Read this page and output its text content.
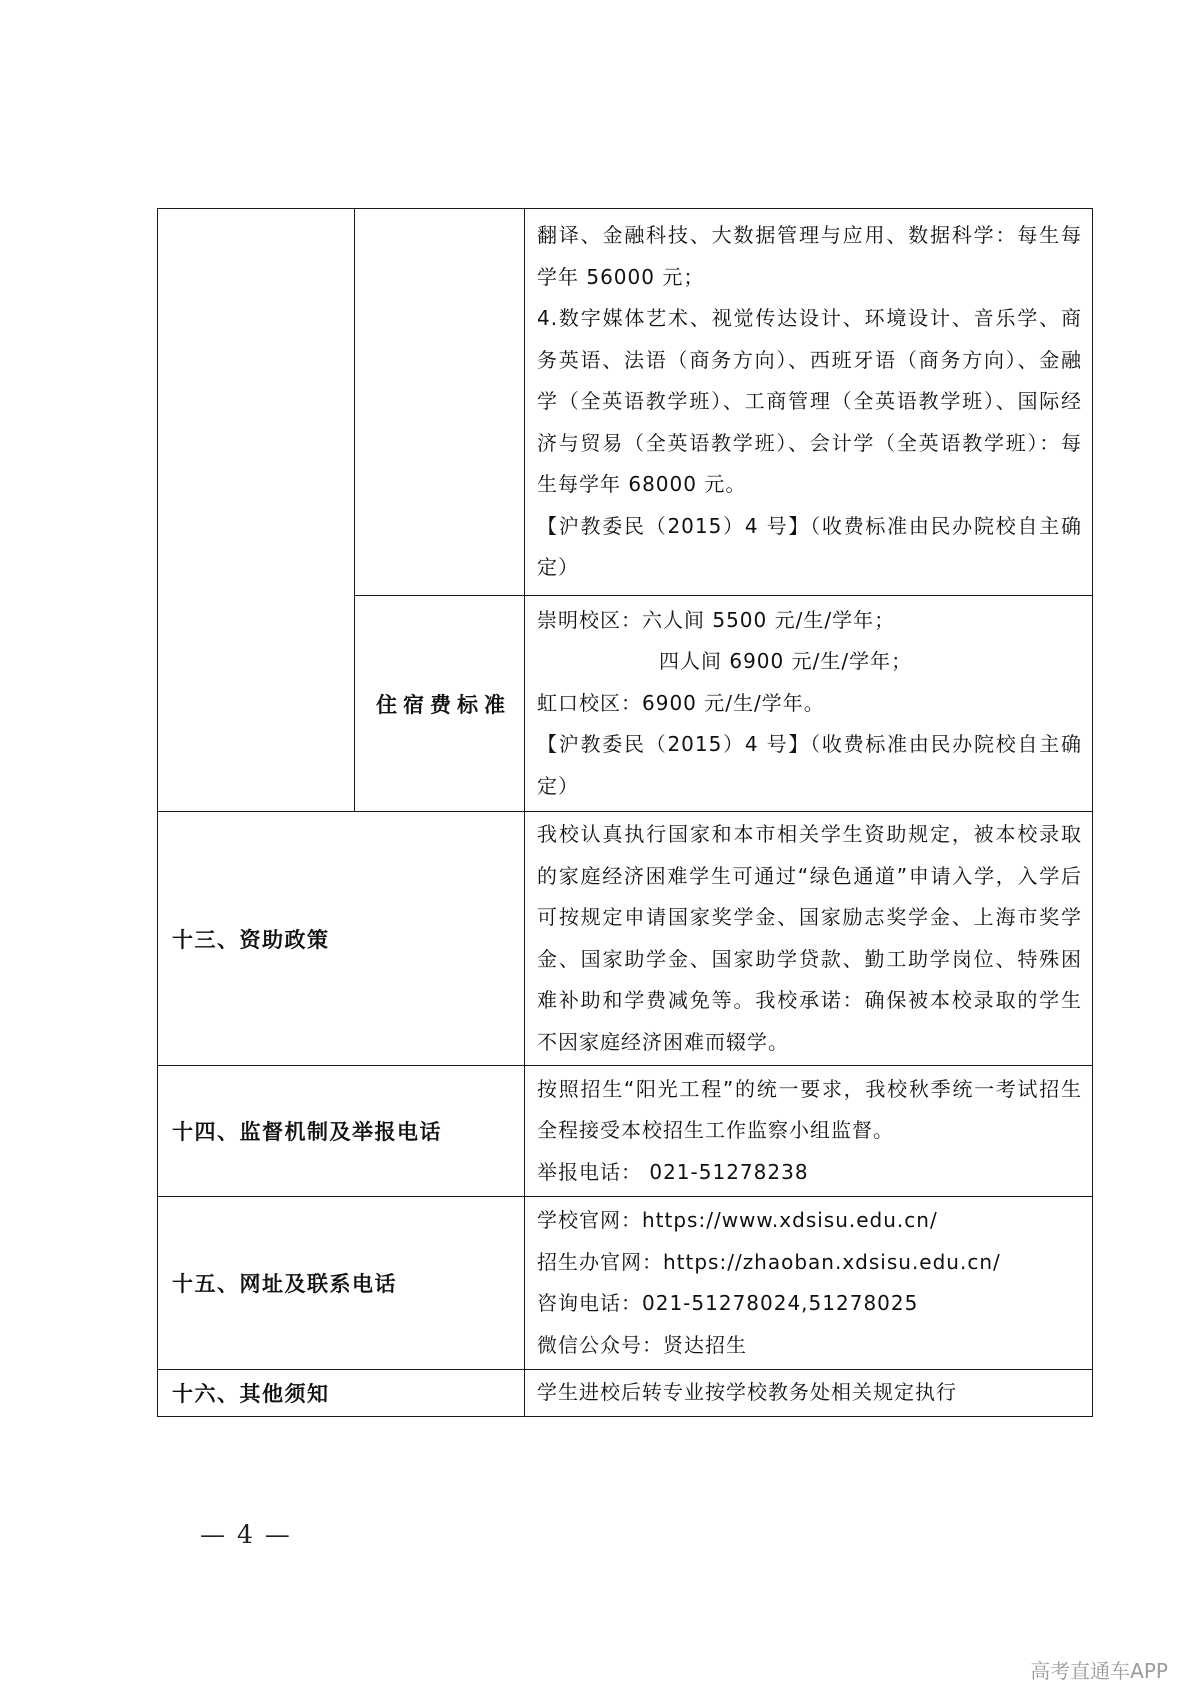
		翻译、金融科技、大数据管理与应用、数据科学：每生每学年 56000 元；

4.数字媒体艺术、视觉传达设计、环境设计、音乐学、商务英语、法语（商务方向）、西班牙语（商务方向）、金融学（全英语教学班）、工商管理（全英语教学班）、国际经济与贸易（全英语教学班）、会计学（全英语教学班）：每生每学年 68000 元。

【沪教委民（2015）4 号】（收费标准由民办院校自主确定）

	住宿费标准	崇明校区：六人间 5500 元/生/学年；

四人间 6900 元/生/学年；

虹口校区：6900 元/生/学年。

【沪教委民（2015）4 号】（收费标准由民办院校自主确定）

十三、资助政策		我校认真执行国家和本市相关学生资助规定，被本校录取的家庭经济困难学生可通过“绿色通道”申请入学，入学后可按规定申请国家奖学金、国家励志奖学金、上海市奖学金、国家助学金、国家助学贷款、勤工助学岗位、特殊困难补助和学费减免等。我校承诺：确保被本校录取的学生不因家庭经济困难而辍学。

十四、监督机制及举报电话		按照招生“阳光工程”的统一要求，我校秋季统一考试招生全程接受本校招生工作监察小组监督。

举报电话： 021-51278238

十五、网址及联系电话		学校官网：https://www.xdsisu.edu.cn/

招生办官网：https://zhaoban.xdsisu.edu.cn/

咨询电话：021-51278024,51278025

微信公众号：贤达招生

十六、其他须知		学生进校后转专业按学校教务处相关规定执行

— 4 —
高考直通车APP
